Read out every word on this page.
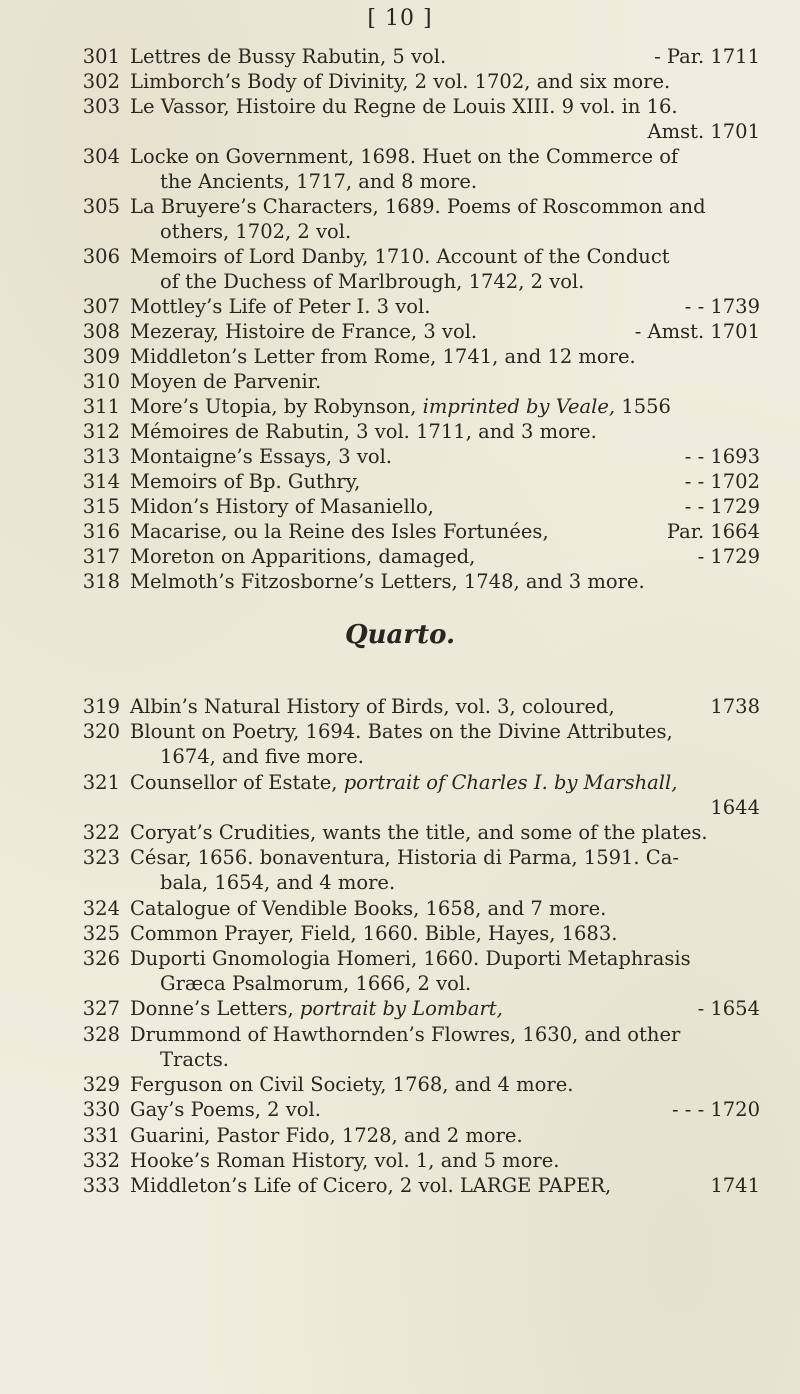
[ 10 ]
301 Lettres de Bussy Rabutin, 5 vol.	- Par. 1711
302 Limborch’s Body of Divinity, 2 vol. 1702, and six more.
303 Le Vassor, Histoire du Regne de Louis XIII. 9 vol. in 16.
Amst. 1701
304 Locke on Government, 1698. Huet on the Commerce of
the Ancients, 1717, and 8 more.
305 La Bruyere’s Characters, 1689. Poems of Roscommon and
others, 1702, 2 vol.
306 Memoirs of Lord Danby, 1710. Account of the Conduct
of the Duchess of Marlbrough, 1742, 2 vol.
307 Mottley’s Life of Peter I. 3 vol.	- - 1739
308 Mezeray, Histoire de France, 3 vol.	- Amst. 1701
309 Middleton’s Letter from Rome, 1741, and 12 more.
310 Moyen de Parvenir.
311 More’s Utopia, by Robynson, imprinted by Veale, 1556
312 Mémoires de Rabutin, 3 vol. 1711, and 3 more.
313 Montaigne’s Essays, 3 vol.	- - 1693
314 Memoirs of Bp. Guthry,	- - 1702
315 Midon’s History of Masaniello,	- - 1729
316 Macarise, ou la Reine des Isles Fortunées,	Par. 1664
317 Moreton on Apparitions, damaged,	- 1729
318 Melmoth’s Fitzosborne’s Letters, 1748, and 3 more.
Quarto.
319 Albin’s Natural History of Birds, vol. 3, coloured,	1738
320 Blount on Poetry, 1694. Bates on the Divine Attributes,
1674, and five more.
321 Counsellor of Estate, portrait of Charles I. by Marshall,
1644
322 Coryat’s Crudities, wants the title, and some of the plates.
323 César, 1656. bonaventura, Historia di Parma, 1591. Ca-
bala, 1654, and 4 more.
324 Catalogue of Vendible Books, 1658, and 7 more.
325 Common Prayer, Field, 1660. Bible, Hayes, 1683.
326 Duporti Gnomologia Homeri, 1660. Duporti Metaphrasis
Græca Psalmorum, 1666, 2 vol.
327 Donne’s Letters, portrait by Lombart,	- 1654
328 Drummond of Hawthornden’s Flowres, 1630, and other
Tracts.
329 Ferguson on Civil Society, 1768, and 4 more.
330 Gay’s Poems, 2 vol.	- - - 1720
331 Guarini, Pastor Fido, 1728, and 2 more.
332 Hooke’s Roman History, vol. 1, and 5 more.
333 Middleton’s Life of Cicero, 2 vol. LARGE PAPER,	1741
